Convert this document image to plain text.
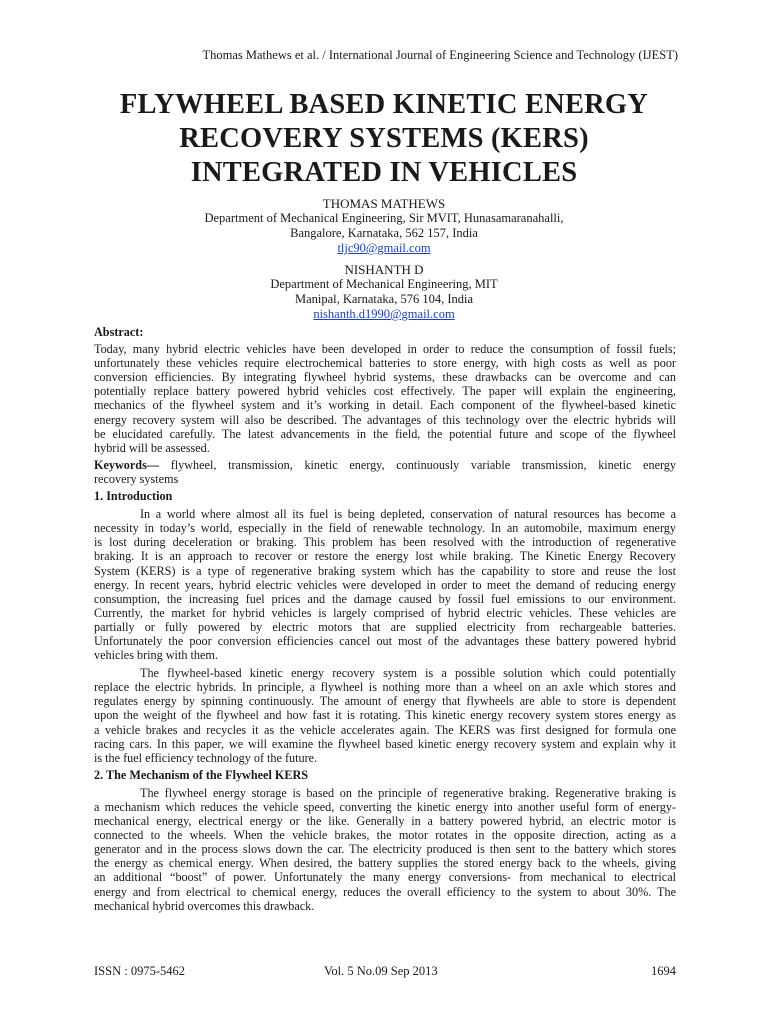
Thomas Mathews et al. / International Journal of Engineering Science and Technology (IJEST)
FLYWHEEL BASED KINETIC ENERGY
RECOVERY SYSTEMS (KERS)
INTEGRATED IN VEHICLES
THOMAS MATHEWS
Department of Mechanical Engineering, Sir MVIT, Hunasamaranahalli,
Bangalore, Karnataka, 562 157, India
tljc90@gmail.com
NISHANTH D
Department of Mechanical Engineering, MIT
Manipal, Karnataka, 576 104, India
nishanth.d1990@gmail.com
Abstract:
Today, many hybrid electric vehicles have been developed in order to reduce the consumption of fossil fuels;
unfortunately these vehicles require electrochemical batteries to store energy, with high costs as well as poor
conversion efficiencies. By integrating flywheel hybrid systems, these drawbacks can be overcome and can
potentially replace battery powered hybrid vehicles cost effectively. The paper will explain the engineering,
mechanics of the flywheel system and it’s working in detail. Each component of the flywheel-based kinetic
energy recovery system will also be described. The advantages of this technology over the electric hybrids will
be elucidated carefully. The latest advancements in the field, the potential future and scope of the flywheel
hybrid will be assessed.
Keywords— flywheel, transmission, kinetic energy, continuously variable transmission, kinetic energy
recovery systems
1. Introduction
In a world where almost all its fuel is being depleted, conservation of natural resources has become a
necessity in today’s world, especially in the field of renewable technology. In an automobile, maximum energy
is lost during deceleration or braking. This problem has been resolved with the introduction of regenerative
braking. It is an approach to recover or restore the energy lost while braking. The Kinetic Energy Recovery
System (KERS) is a type of regenerative braking system which has the capability to store and reuse the lost
energy. In recent years, hybrid electric vehicles were developed in order to meet the demand of reducing energy
consumption, the increasing fuel prices and the damage caused by fossil fuel emissions to our environment.
Currently, the market for hybrid vehicles is largely comprised of hybrid electric vehicles. These vehicles are
partially or fully powered by electric motors that are supplied electricity from rechargeable batteries.
Unfortunately the poor conversion efficiencies cancel out most of the advantages these battery powered hybrid
vehicles bring with them.
The flywheel-based kinetic energy recovery system is a possible solution which could potentially
replace the electric hybrids. In principle, a flywheel is nothing more than a wheel on an axle which stores and
regulates energy by spinning continuously. The amount of energy that flywheels are able to store is dependent
upon the weight of the flywheel and how fast it is rotating. This kinetic energy recovery system stores energy as
a vehicle brakes and recycles it as the vehicle accelerates again. The KERS was first designed for formula one
racing cars. In this paper, we will examine the flywheel based kinetic energy recovery system and explain why it
is the fuel efficiency technology of the future.
2. The Mechanism of the Flywheel KERS
The flywheel energy storage is based on the principle of regenerative braking. Regenerative braking is
a mechanism which reduces the vehicle speed, converting the kinetic energy into another useful form of energy-
mechanical energy, electrical energy or the like. Generally in a battery powered hybrid, an electric motor is
connected to the wheels. When the vehicle brakes, the motor rotates in the opposite direction, acting as a
generator and in the process slows down the car. The electricity produced is then sent to the battery which stores
the energy as chemical energy. When desired, the battery supplies the stored energy back to the wheels, giving
an additional “boost” of power. Unfortunately the many energy conversions- from mechanical to electrical
energy and from electrical to chemical energy, reduces the overall efficiency to the system to about 30%. The
mechanical hybrid overcomes this drawback.
ISSN : 0975-5462	Vol. 5 No.09 Sep 2013	1694
